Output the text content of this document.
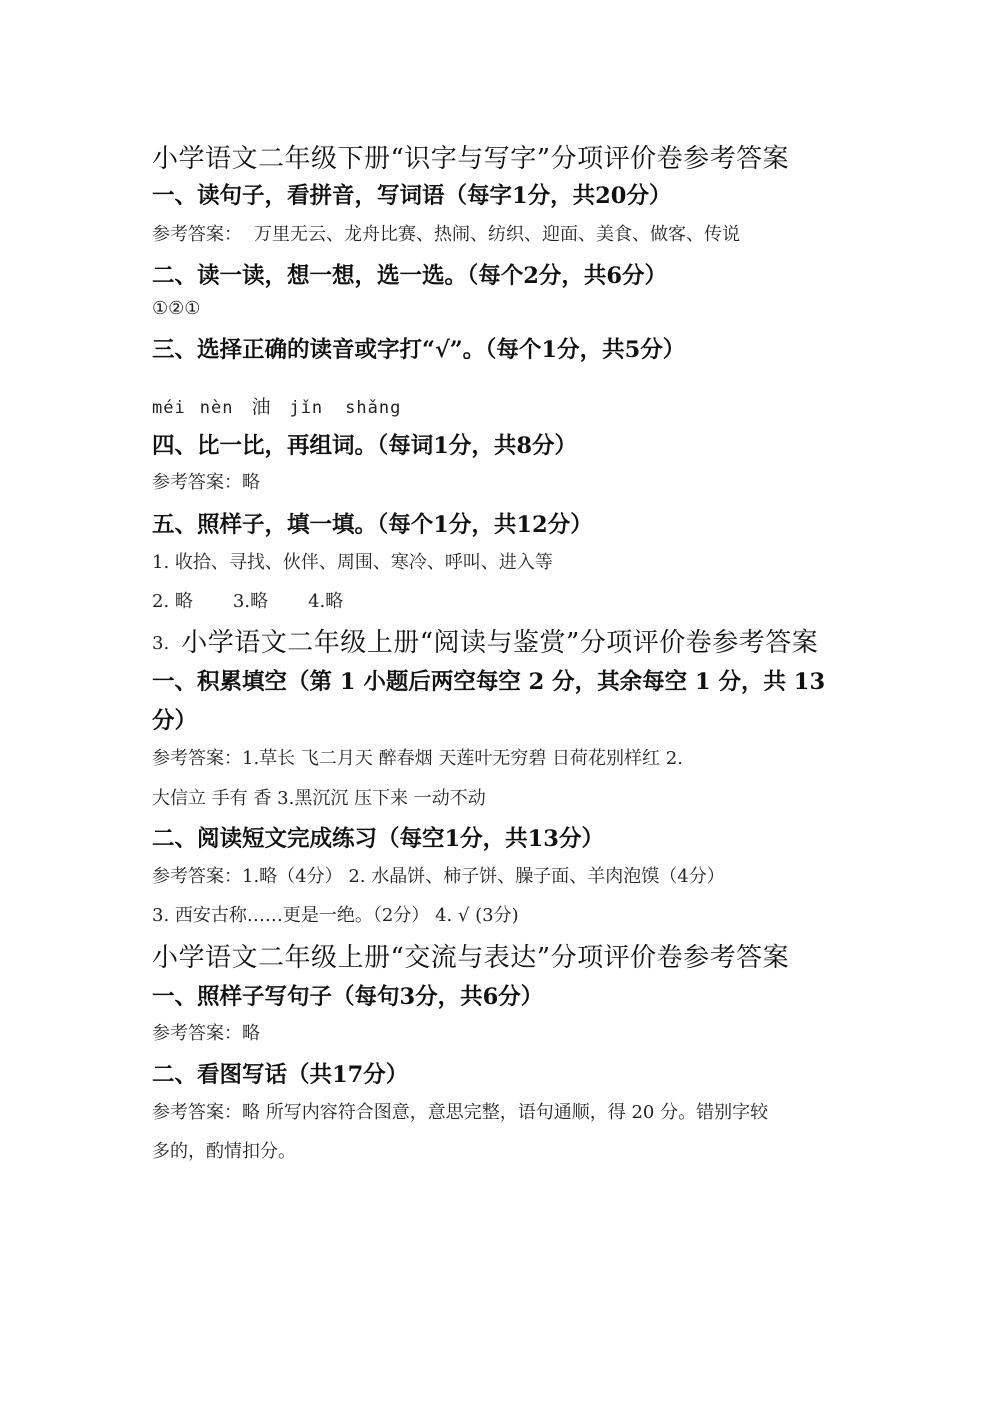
小学语文二年级下册“识字与写字”分项评价卷参考答案
一、读句子，看拼音，写词语（每字1分，共20分）
参考答案： 万里无云、龙舟比赛、热闹、纺织、迎面、美食、做客、传说
二、读一读，想一想，选一选。（每个2分，共6分）
①②①
三、选择正确的读音或字打“√”。（每个1分，共5分）
méi nèn 油 jǐn shǎng
四、比一比，再组词。（每词1分，共8分）
参考答案：略
五、照样子，填一填。（每个1分，共12分）
1. 收拾、寻找、伙伴、周围、寒冷、呼叫、进入等
2. 略 3.略 4.略
3. 小学语文二年级上册“阅读与鉴赏”分项评价卷参考答案
一、积累填空（第 1 小题后两空每空 2 分，其余每空 1 分，共 13
分）
参考答案：1.草长 飞二月天 醉春烟 天莲叶无穷碧 日荷花别样红 2.
大信立 手有 香 3.黑沉沉 压下来 一动不动
二、阅读短文完成练习（每空1分，共13分）
参考答案：1.略（4分） 2. 水晶饼、柿子饼、臊子面、羊肉泡馍（4分）
3. 西安古称……更是一绝。（2分） 4. √ (3分)
小学语文二年级上册“交流与表达”分项评价卷参考答案
一、照样子写句子（每句3分，共6分）
参考答案：略
二、看图写话（共17分）
参考答案：略 所写内容符合图意，意思完整，语句通顺，得 20 分。错别字较
多的，酌情扣分。
